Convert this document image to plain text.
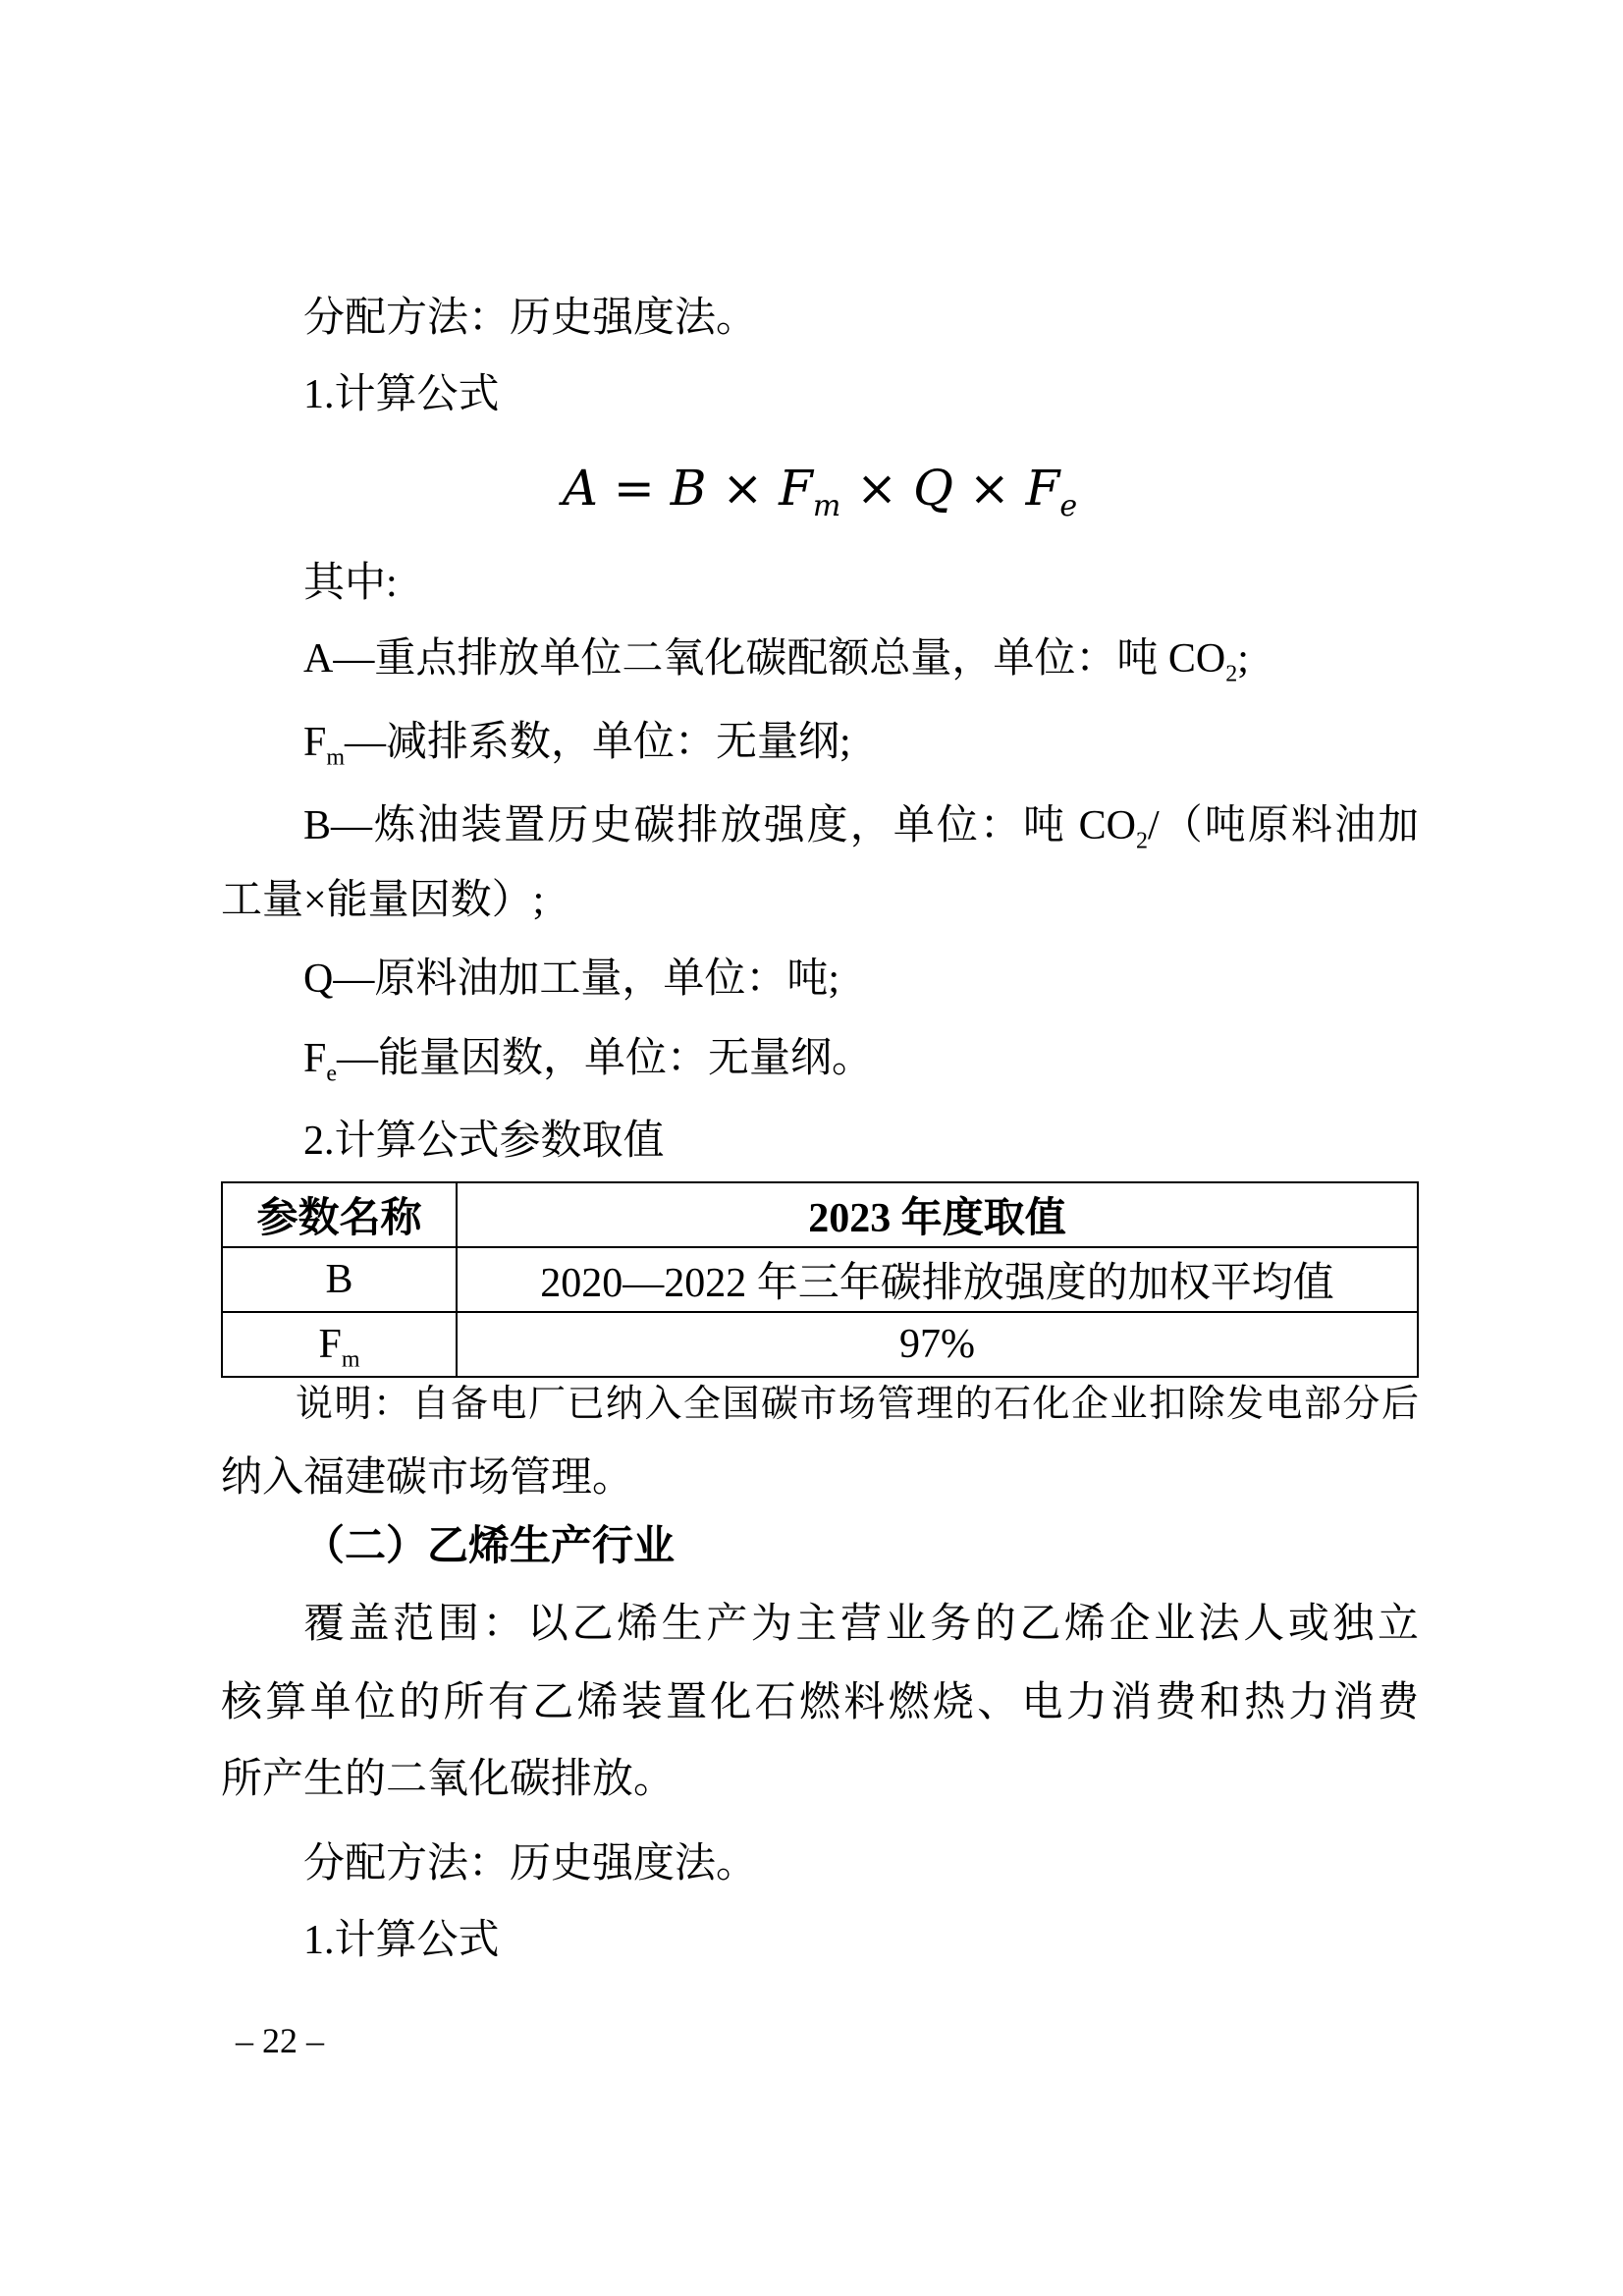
分配方法：历史强度法。
1.计算公式
$A = B \times F_m \times Q \times F_e$
其中:
A—重点排放单位二氧化碳配额总量，单位：吨 $CO_2$;
$F_m—$减排系数，单位：无量纲;
B—炼油装置历史碳排放强度，单位：吨 $CO_2/$（吨原料油加
工量×能量因数）;
Q—原料油加工量，单位：吨;
$F_e—$能量因数，单位：无量纲。
2.计算公式参数取值
参数名称	2023 年度取值
B	2020—2022 年三年碳排放强度的加权平均值
$F_m$	97%
说明：自备电厂已纳入全国碳市场管理的石化企业扣除发电部分后
纳入福建碳市场管理。
（二）乙烯生产行业
覆盖范围：以乙烯生产为主营业务的乙烯企业法人或独立
核算单位的所有乙烯装置化石燃料燃烧、电力消费和热力消费
所产生的二氧化碳排放。
分配方法：历史强度法。
1.计算公式
– 22 –
